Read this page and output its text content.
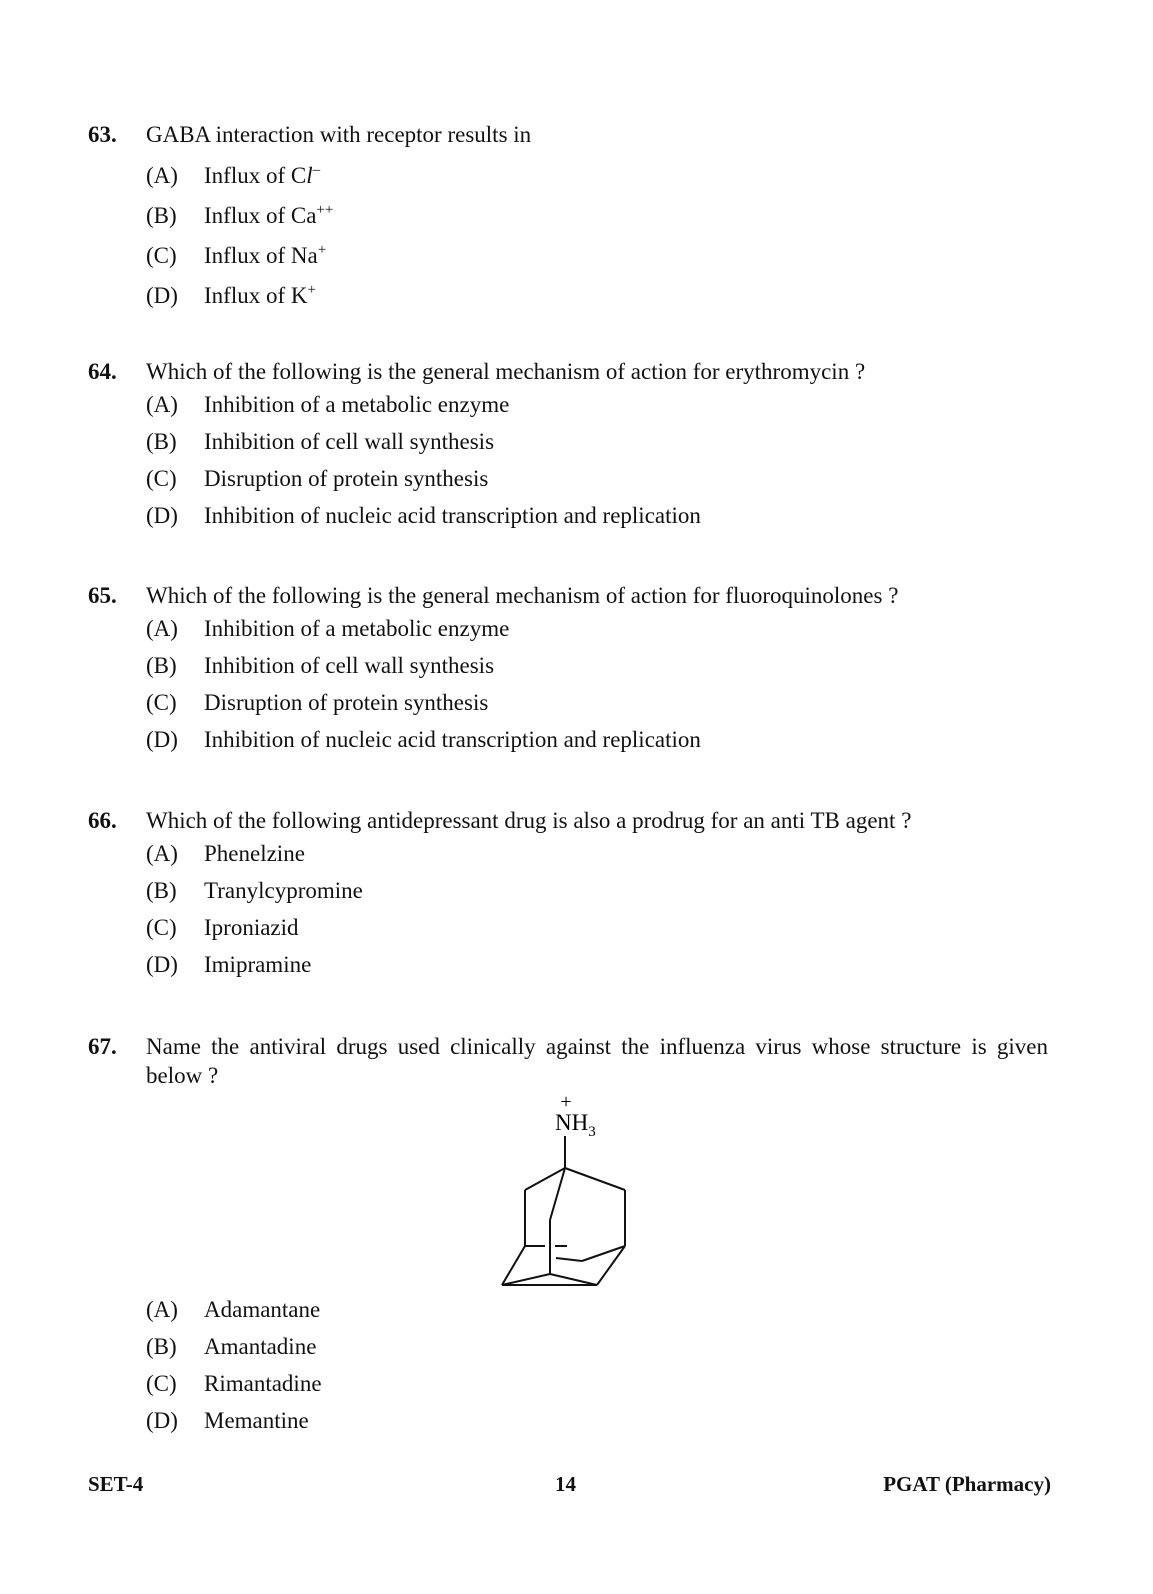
63. GABA interaction with receptor results in
(A) Influx of Cl–
(B) Influx of Ca++
(C) Influx of Na+
(D) Influx of K+
64. Which of the following is the general mechanism of action for erythromycin ?
(A) Inhibition of a metabolic enzyme
(B) Inhibition of cell wall synthesis
(C) Disruption of protein synthesis
(D) Inhibition of nucleic acid transcription and replication
65. Which of the following is the general mechanism of action for fluoroquinolones ?
(A) Inhibition of a metabolic enzyme
(B) Inhibition of cell wall synthesis
(C) Disruption of protein synthesis
(D) Inhibition of nucleic acid transcription and replication
66. Which of the following antidepressant drug is also a prodrug for an anti TB agent ?
(A) Phenelzine
(B) Tranylcypromine
(C) Iproniazid
(D) Imipramine
67. Name the antiviral drugs used clinically against the influenza virus whose structure is given below ?
+
$NH_3$
(A) Adamantane
(B) Amantadine
(C) Rimantadine
(D) Memantine
SET-4	14	PGAT (Pharmacy)
